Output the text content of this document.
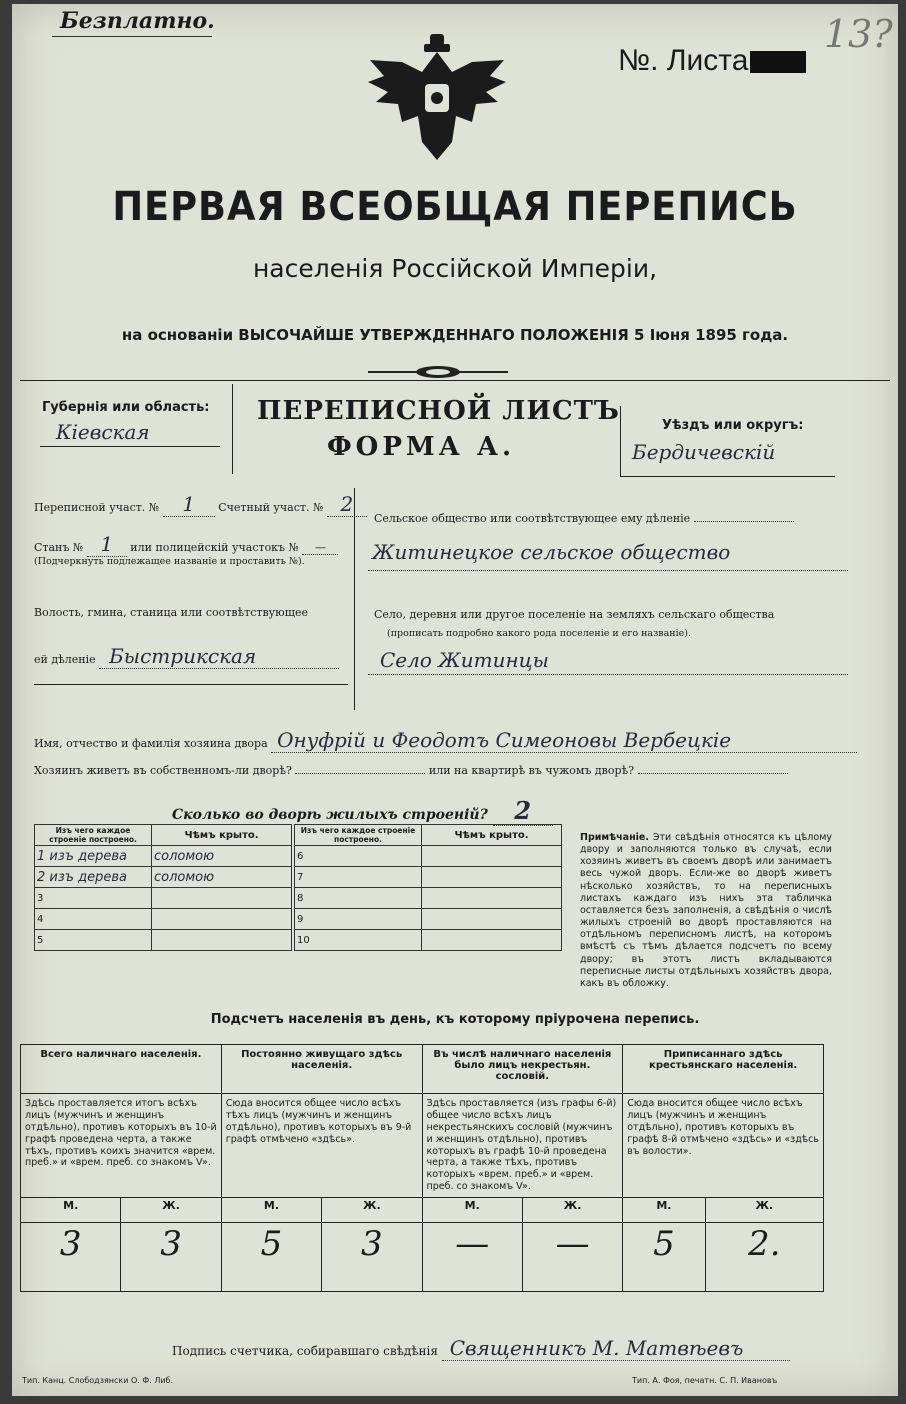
Безплатно.
№. Листа
13?
ПЕРВАЯ ВСЕОБЩАЯ ПЕРЕПИСЬ
населенія Россійской Имперіи,
на основаніи ВЫСОЧАЙШЕ УТВЕРЖДЕННАГО ПОЛОЖЕНІЯ 5 Іюня 1895 года.
Губернія или область:
Кіевская
ПЕРЕПИСНОЙ ЛИСТЪ
ФОРМА А.
Уѣздъ или округъ:
Бердичевскій
Переписной участ. № 1 Счетный участ. № 2
Станъ № 1 или полицейскій участокъ № —
(Подчеркнуть подлежащее названіе и проставить №).
Волость, гмина, станица или соотвѣтствующее
ей дѣленіе Быстрикская
Сельское общество или соотвѣтствующее ему дѣленіе
Житинецкое сельское общество
Село, деревня или другое поселеніе на земляхъ сельскаго общества
(прописать подробно какого рода поселеніе и его названіе).
Село Житинцы
Имя, отчество и фамилія хозяина двора Онуфрій и Феодотъ Симеоновы Вербецкіе
Хозяинъ живетъ въ собственномъ-ли дворѣ?	или на квартирѣ въ чужомъ дворѣ?
Сколько во дворѣ жилыхъ строеній? 2
Изъ чего каждое строеніе построено.	Чѣмъ крыто.
1 изъ дерева	соломою
2 изъ дерева	соломою
3	
4	
5	
Изъ чего каждое строеніе построено.	Чѣмъ крыто.
6	
7	
8	
9	
10	
Примѣчаніе. Эти свѣдѣнія относятся къ цѣлому двору и заполняются только въ случаѣ, если хозяинъ живетъ въ своемъ дворѣ или занимаетъ весь чужой дворъ. Если-же во дворѣ живетъ нѣсколько хозяйствъ, то на переписныхъ листахъ каждаго изъ нихъ эта табличка оставляется безъ заполненія, а свѣдѣнія о числѣ жилыхъ строеній во дворѣ проставляются на отдѣльномъ переписномъ листѣ, на которомъ вмѣстѣ съ тѣмъ дѣлается подсчетъ по всему двору; въ этотъ листъ вкладываются переписные листы отдѣльныхъ хозяйствъ двора, какъ въ обложку.
Подсчетъ населенія въ день, къ которому пріурочена перепись.
Всего наличнаго населенія.		Постоянно живущаго здѣсь населенія.		Въ числѣ наличнаго населенія было лицъ некрестьян. сословій.		Приписаннаго здѣсь крестьянскаго населенія.	
Здѣсь проставляется итогъ всѣхъ лицъ (мужчинъ и женщинъ отдѣльно), противъ которыхъ въ 10-й графѣ проведена черта, а также тѣхъ, противъ коихъ значится «врем. преб.» и «врем. преб. со знакомъ V».		Сюда вносится общее число всѣхъ тѣхъ лицъ (мужчинъ и женщинъ отдѣльно), противъ которыхъ въ 9-й графѣ отмѣчено «здѣсь».		Здѣсь проставляется (изъ графы 6-й) общее число всѣхъ лицъ некрестьянскихъ сословій (мужчинъ и женщинъ отдѣльно), противъ которыхъ въ графѣ 10-й проведена черта, а также тѣхъ, противъ которыхъ «врем. преб.» и «врем. преб. со знакомъ V».		Сюда вносится общее число всѣхъ лицъ (мужчинъ и женщинъ отдѣльно), противъ которыхъ въ графѣ 8-й отмѣчено «здѣсь» и «здѣсь въ волости».	
М.	Ж.	М.	Ж.	М.	Ж.	М.	Ж.
3	3	5	3	—	—	5	2.
Подпись счетчика, собиравшаго свѣдѣнія Священникъ М. Матвѣевъ
Тип. Канц. Слободзянски О. Ф. Либ.	Тип. А. Фоя, печатн. С. П. Ивановъ
